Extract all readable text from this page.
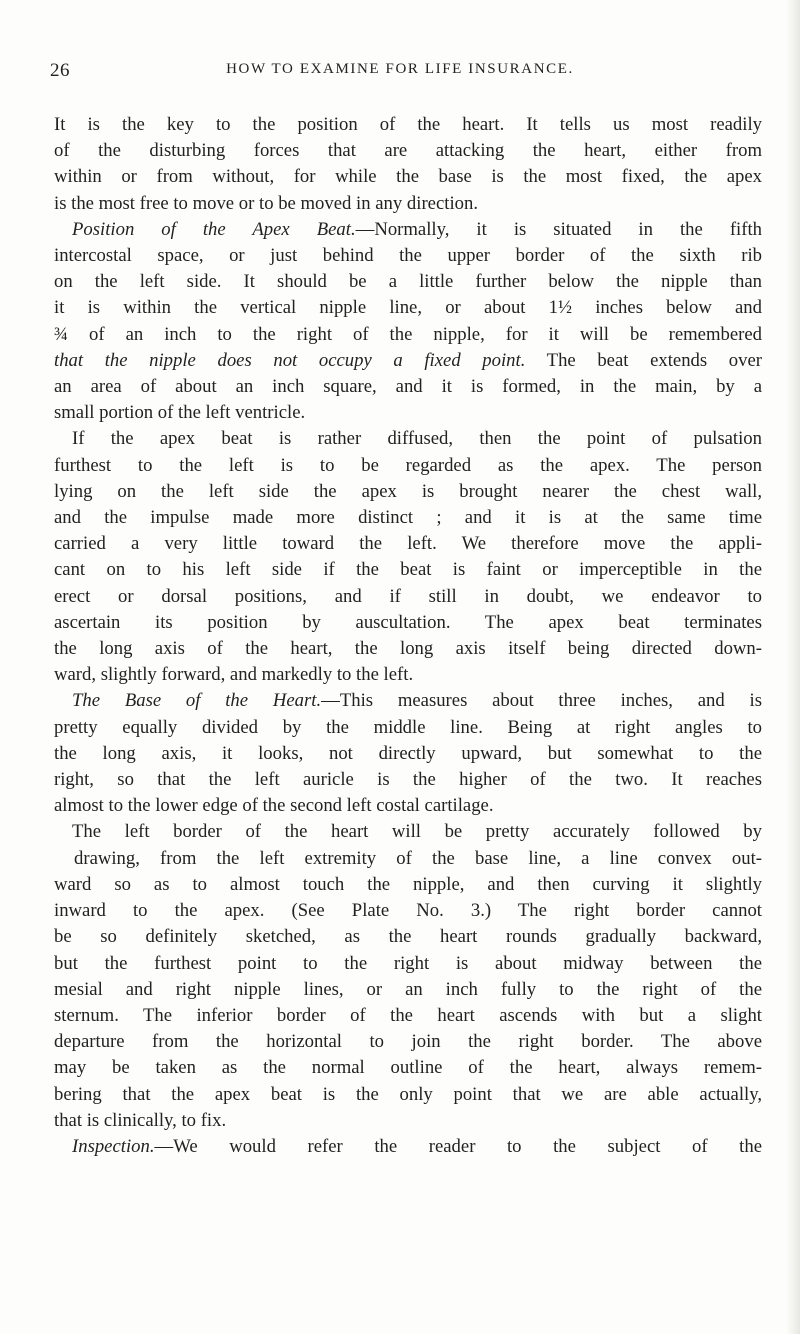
26	HOW TO EXAMINE FOR LIFE INSURANCE.
It is the key to the position of the heart. It tells us most readily
of the disturbing forces that are attacking the heart, either from
within or from without, for while the base is the most fixed, the apex
is the most free to move or to be moved in any direction.
Position of the Apex Beat.—Normally, it is situated in the fifth
intercostal space, or just behind the upper border of the sixth rib
on the left side. It should be a little further below the nipple than
it is within the vertical nipple line, or about 1½ inches below and
¾ of an inch to the right of the nipple, for it will be remembered
that the nipple does not occupy a fixed point. The beat extends over
an area of about an inch square, and it is formed, in the main, by a
small portion of the left ventricle.
If the apex beat is rather diffused, then the point of pulsation
furthest to the left is to be regarded as the apex. The person
lying on the left side the apex is brought nearer the chest wall,
and the impulse made more distinct ; and it is at the same time
carried a very little toward the left. We therefore move the appli-
cant on to his left side if the beat is faint or imperceptible in the
erect or dorsal positions, and if still in doubt, we endeavor to
ascertain its position by auscultation. The apex beat terminates
the long axis of the heart, the long axis itself being directed down-
ward, slightly forward, and markedly to the left.
The Base of the Heart.—This measures about three inches, and is
pretty equally divided by the middle line. Being at right angles to
the long axis, it looks, not directly upward, but somewhat to the
right, so that the left auricle is the higher of the two. It reaches
almost to the lower edge of the second left costal cartilage.
The left border of the heart will be pretty accurately followed by
drawing, from the left extremity of the base line, a line convex out-
ward so as to almost touch the nipple, and then curving it slightly
inward to the apex. (See Plate No. 3.) The right border cannot
be so definitely sketched, as the heart rounds gradually backward,
but the furthest point to the right is about midway between the
mesial and right nipple lines, or an inch fully to the right of the
sternum. The inferior border of the heart ascends with but a slight
departure from the horizontal to join the right border. The above
may be taken as the normal outline of the heart, always remem-
bering that the apex beat is the only point that we are able actually,
that is clinically, to fix.
Inspection.—We would refer the reader to the subject of the
